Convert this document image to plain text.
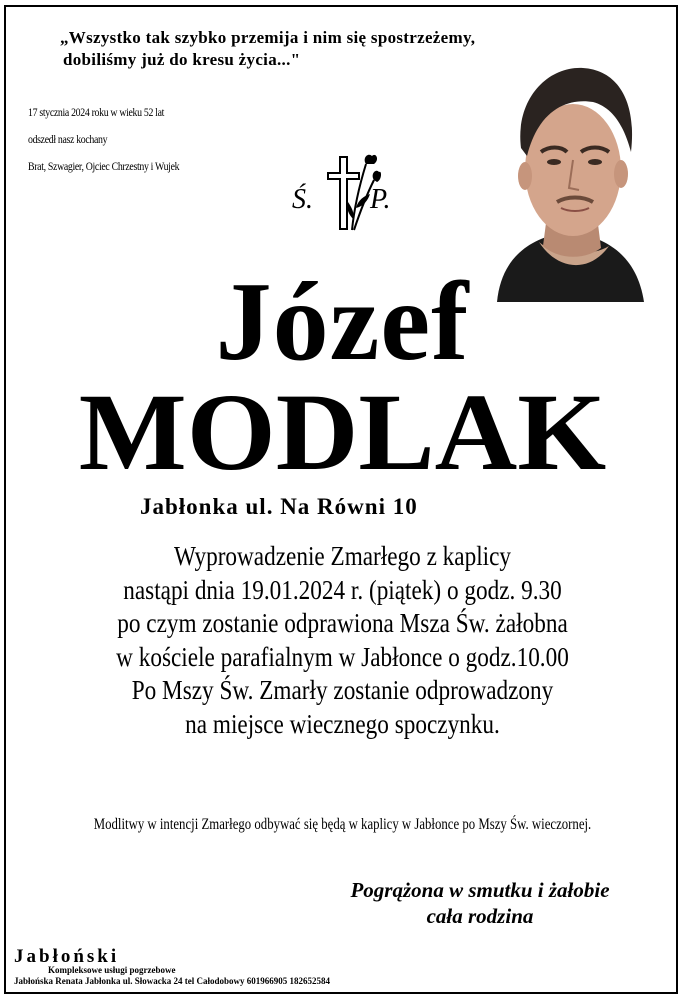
„Wszystko tak szybko przemija i nim się spostrzeżemy,
dobiliśmy już do kresu życia..."
17 stycznia 2024 roku w wieku 52 lat
odszedł nasz kochany
Brat, Szwagier, Ojciec Chrzestny i Wujek
Ś. P.
Józef
MODLAK
Jabłonka ul. Na Równi 10
Wyprowadzenie Zmarłego z kaplicy
nastąpi dnia 19.01.2024 r. (piątek) o godz. 9.30
po czym zostanie odprawiona Msza Św. żałobna
w kościele parafialnym w Jabłonce o godz.10.00
Po Mszy Św. Zmarły zostanie odprowadzony
na miejsce wiecznego spoczynku.
Modlitwy w intencji Zmarłego odbywać się będą w kaplicy w Jabłonce po Mszy Św. wieczornej.
Pogrążona w smutku i żałobie
cała rodzina
Jabłoński
Kompleksowe usługi pogrzebowe
Jabłońska Renata Jabłonka ul. Słowacka 24 tel Całodobowy 601966905 182652584
